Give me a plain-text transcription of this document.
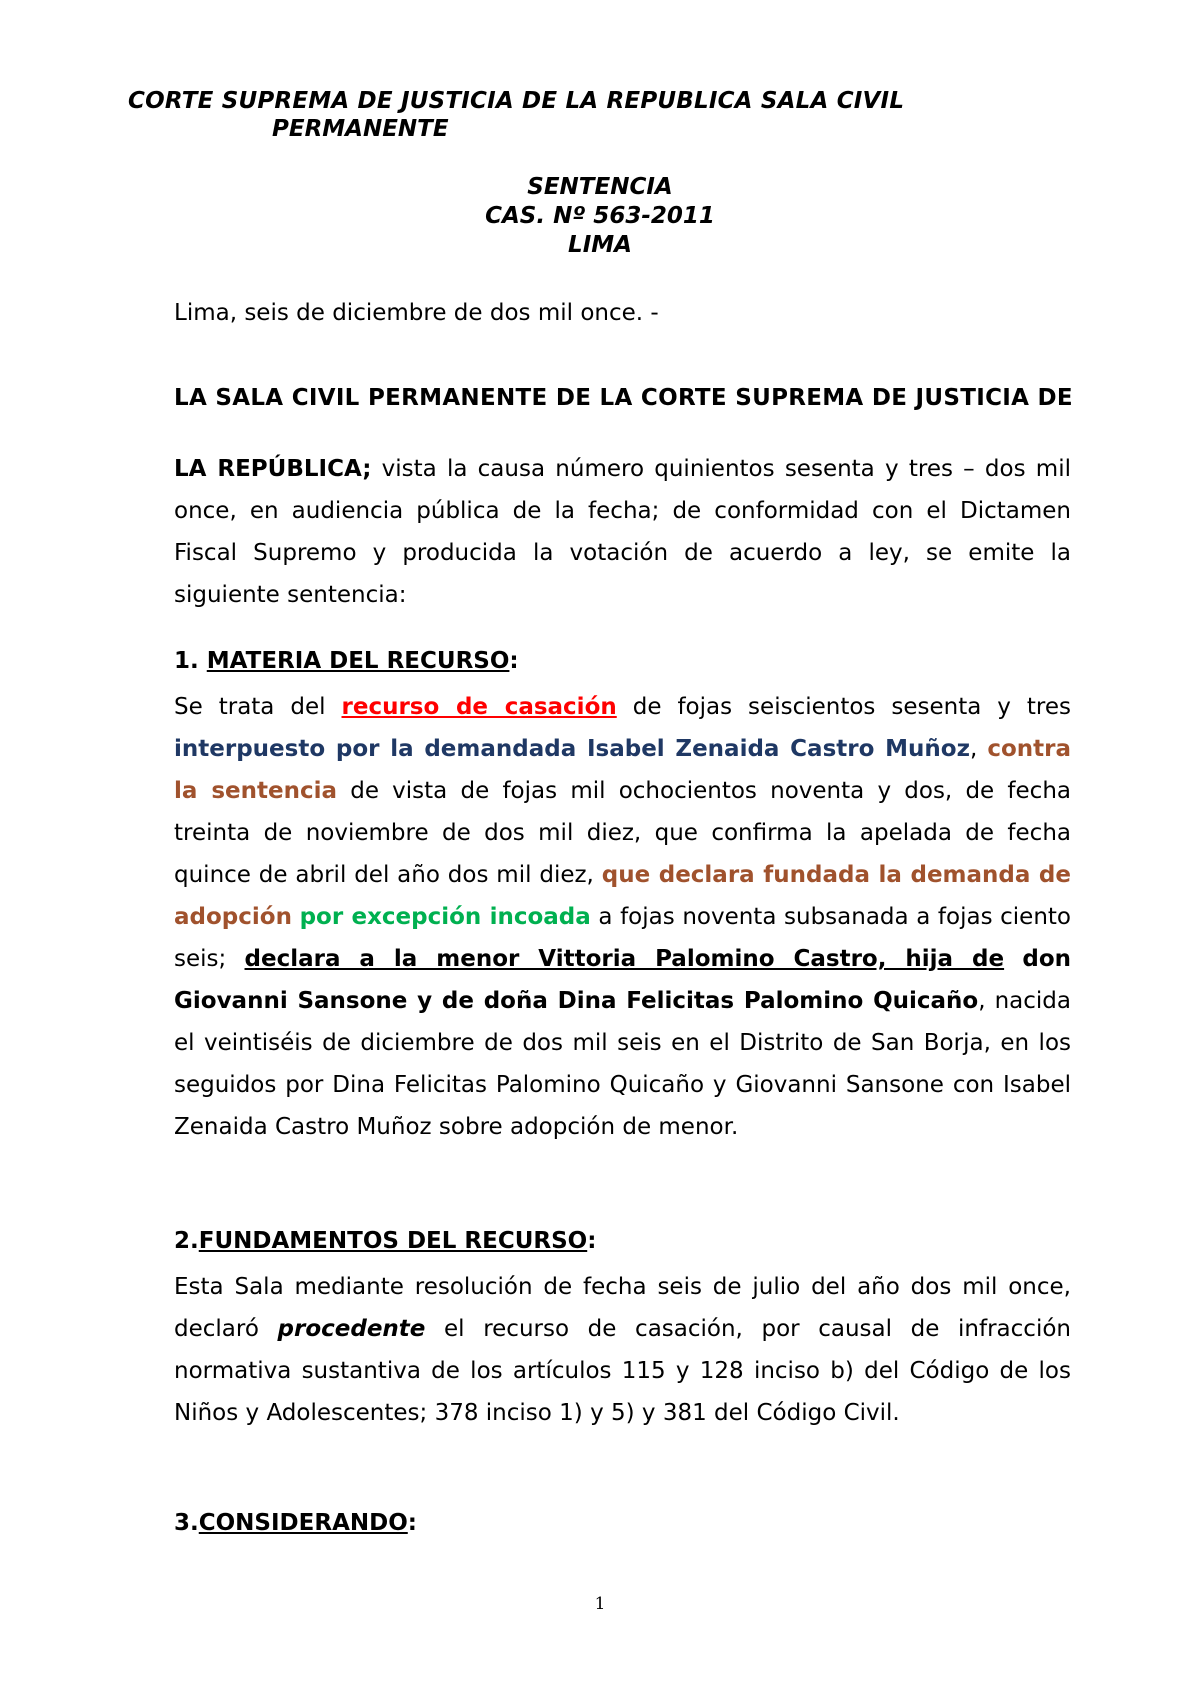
CORTE SUPREMA DE JUSTICIA DE LA REPUBLICA SALA CIVIL
PERMANENTE
SENTENCIA
CAS. Nº 563-2011
LIMA
Lima, seis de diciembre de dos mil once. -
LA SALA CIVIL PERMANENTE DE LA CORTE SUPREMA DE JUSTICIA DE
LA REPÚBLICA; vista la causa número quinientos sesenta y tres – dos mil once, en audiencia pública de la fecha; de conformidad con el Dictamen Fiscal Supremo y producida la votación de acuerdo a ley, se emite la siguiente sentencia:
1. MATERIA DEL RECURSO:
Se trata del recurso de casación de fojas seiscientos sesenta y tres interpuesto por la demandada Isabel Zenaida Castro Muñoz, contra la sentencia de vista de fojas mil ochocientos noventa y dos, de fecha treinta de noviembre de dos mil diez, que confirma la apelada de fecha quince de abril del año dos mil diez, que declara fundada la demanda de adopción por excepción incoada a fojas noventa subsanada a fojas ciento seis; declara a la menor Vittoria Palomino Castro, hija de don Giovanni Sansone y de doña Dina Felicitas Palomino Quicaño, nacida el veintiséis de diciembre de dos mil seis en el Distrito de San Borja, en los seguidos por Dina Felicitas Palomino Quicaño y Giovanni Sansone con Isabel Zenaida Castro Muñoz sobre adopción de menor.
2.FUNDAMENTOS DEL RECURSO:
Esta Sala mediante resolución de fecha seis de julio del año dos mil once, declaró procedente el recurso de casación, por causal de infracción normativa sustantiva de los artículos 115 y 128 inciso b) del Código de los Niños y Adolescentes; 378 inciso 1) y 5) y 381 del Código Civil.
3.CONSIDERANDO:
1
